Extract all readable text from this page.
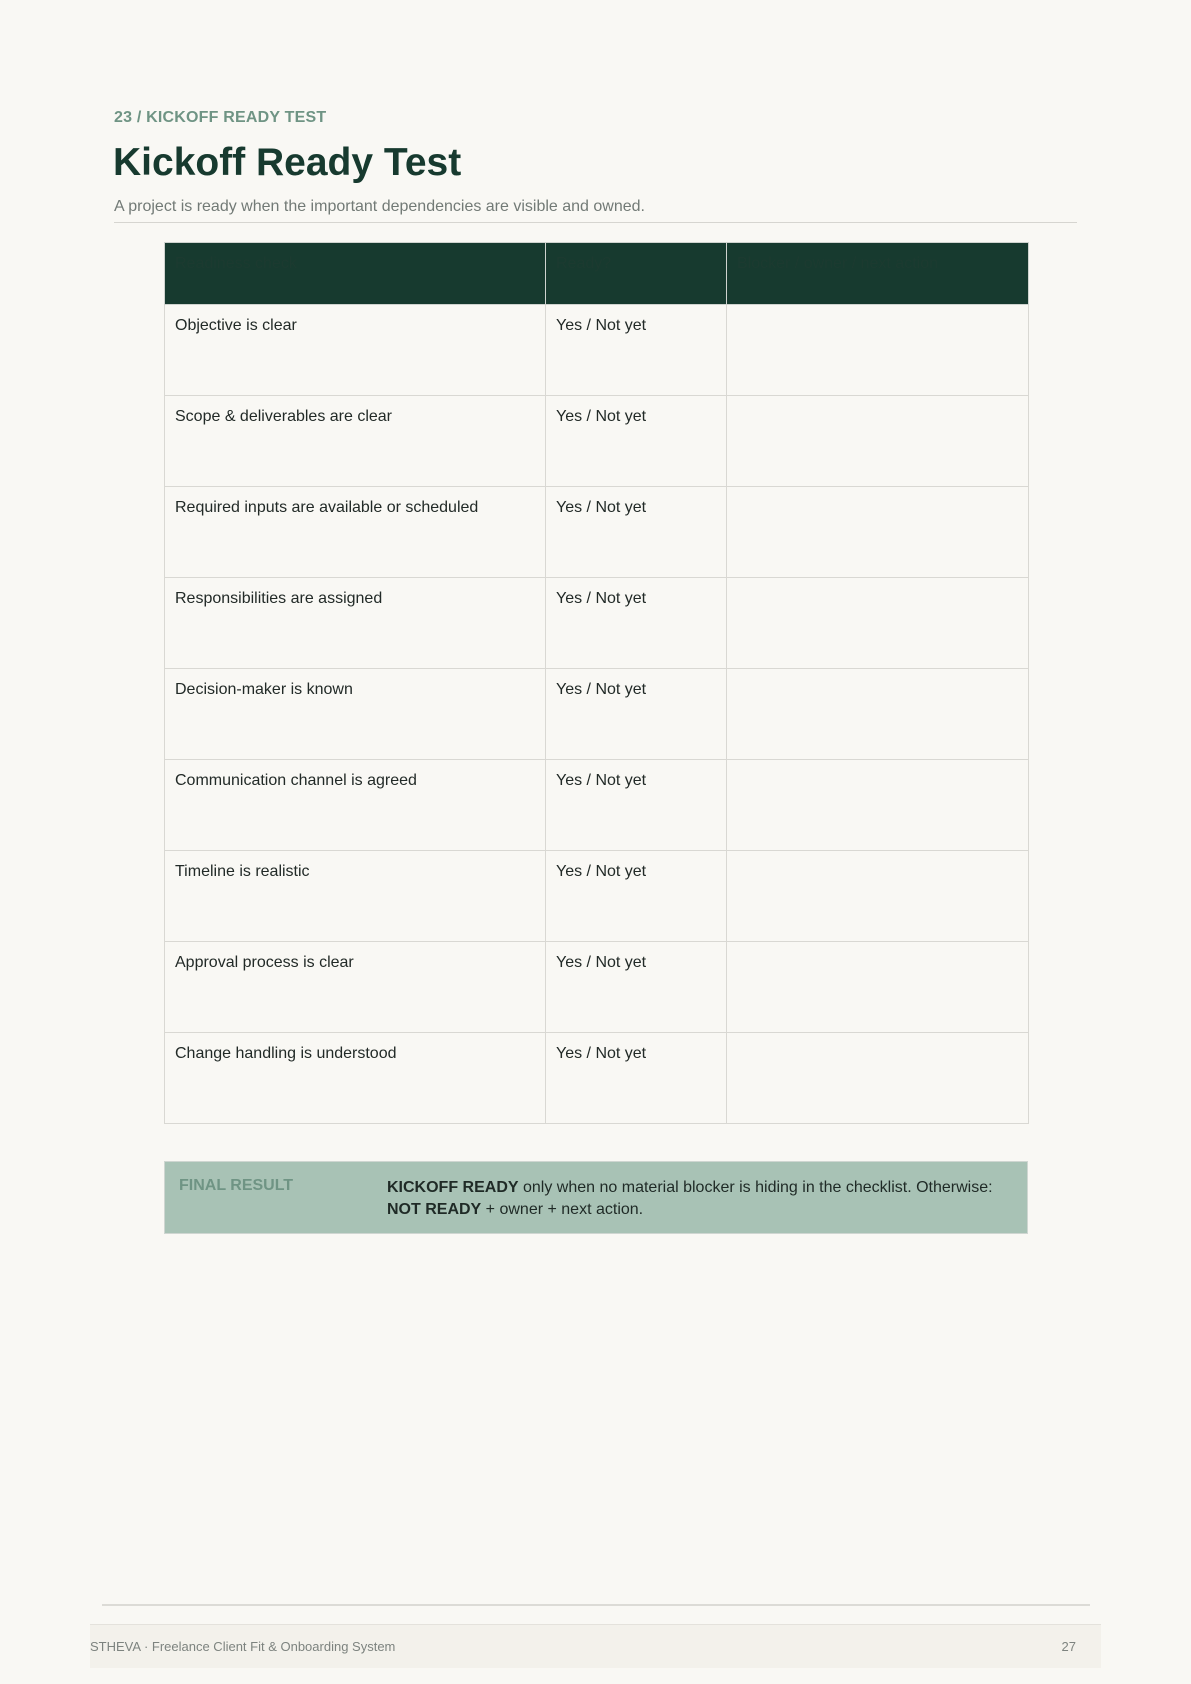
23 / KICKOFF READY TEST
Kickoff Ready Test

A project is ready when the important dependencies are visible and owned.

Readiness check	Ready?	Blocker / owner / next action
Objective is clear	Yes / Not yet	
Scope & deliverables are clear	Yes / Not yet	
Required inputs are available or scheduled	Yes / Not yet	
Responsibilities are assigned	Yes / Not yet	
Decision-maker is known	Yes / Not yet	
Communication channel is agreed	Yes / Not yet	
Timeline is realistic	Yes / Not yet	
Approval process is clear	Yes / Not yet	
Change handling is understood	Yes / Not yet	
FINAL RESULT	KICKOFF READY only when no material blocker is hiding in the checklist. Otherwise: NOT READY + owner + next action.
STHEVA · Freelance Client Fit & Onboarding System	27
